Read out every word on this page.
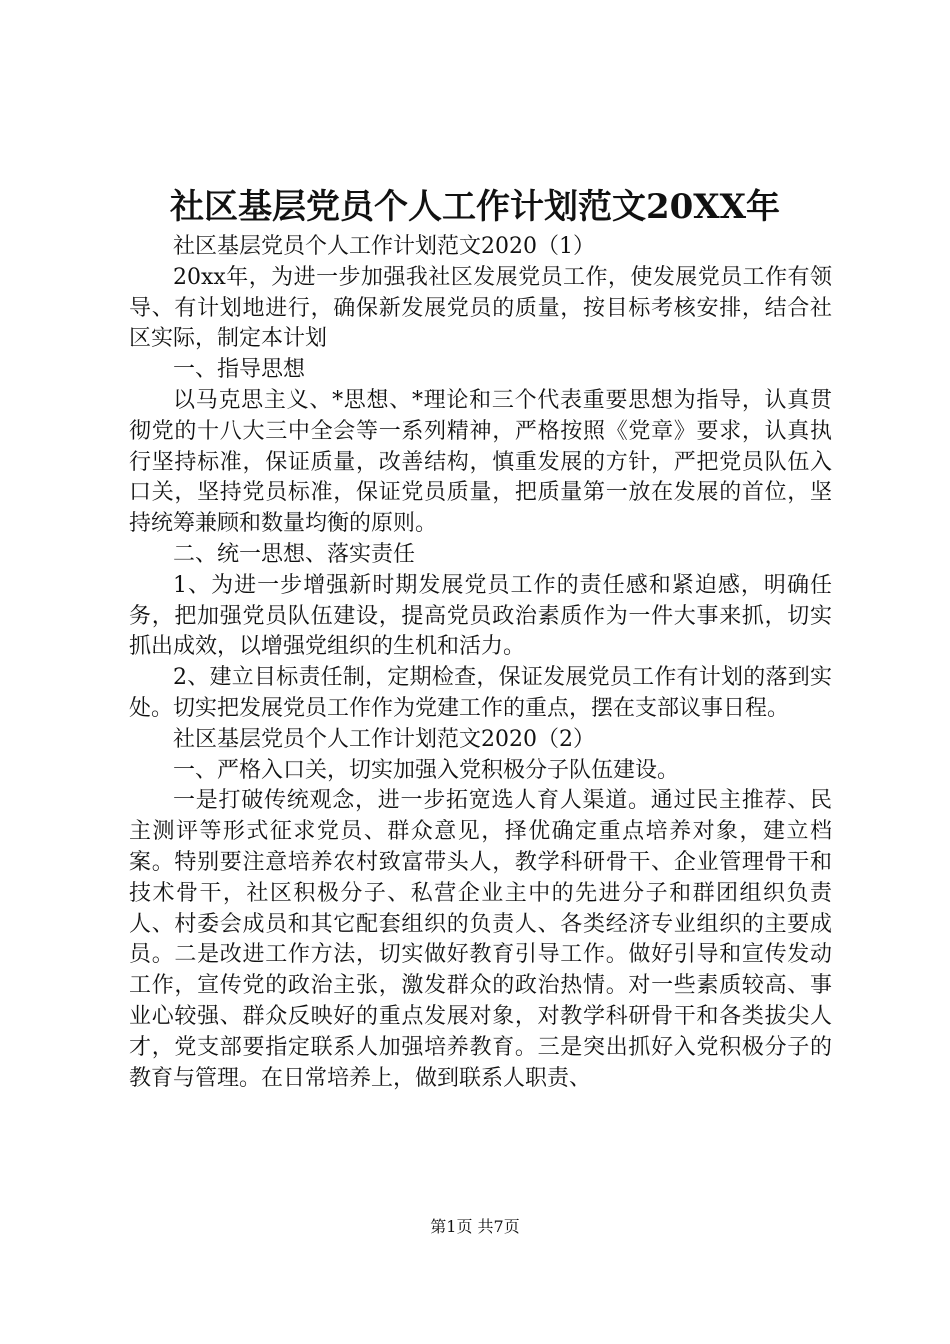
社区基层党员个人工作计划范文20XX年

社区基层党员个人工作计划范文2020（1）

20xx年，为进一步加强我社区发展党员工作，使发展党员工作有领导、有计划地进行，确保新发展党员的质量，按目标考核安排，结合社区实际，制定本计划

一、指导思想

以马克思主义、*思想、*理论和三个代表重要思想为指导，认真贯彻党的十八大三中全会等一系列精神，严格按照《党章》要求，认真执行坚持标准，保证质量，改善结构，慎重发展的方针，严把党员队伍入口关，坚持党员标准，保证党员质量，把质量第一放在发展的首位，坚持统筹兼顾和数量均衡的原则。

二、统一思想、落实责任

1、为进一步增强新时期发展党员工作的责任感和紧迫感，明确任务，把加强党员队伍建设，提高党员政治素质作为一件大事来抓，切实抓出成效，以增强党组织的生机和活力。

2、建立目标责任制，定期检查，保证发展党员工作有计划的落到实处。切实把发展党员工作作为党建工作的重点，摆在支部议事日程。

社区基层党员个人工作计划范文2020（2）

一、严格入口关，切实加强入党积极分子队伍建设。

一是打破传统观念，进一步拓宽选人育人渠道。通过民主推荐、民主测评等形式征求党员、群众意见，择优确定重点培养对象，建立档案。特别要注意培养农村致富带头人，教学科研骨干、企业管理骨干和技术骨干，社区积极分子、私营企业主中的先进分子和群团组织负责人、村委会成员和其它配套组织的负责人、各类经济专业组织的主要成员。二是改进工作方法，切实做好教育引导工作。做好引导和宣传发动工作，宣传党的政治主张，激发群众的政治热情。对一些素质较高、事业心较强、群众反映好的重点发展对象，对教学科研骨干和各类拔尖人才，党支部要指定联系人加强培养教育。三是突出抓好入党积极分子的教育与管理。在日常培养上，做到联系人职责、

第1页 共7页
